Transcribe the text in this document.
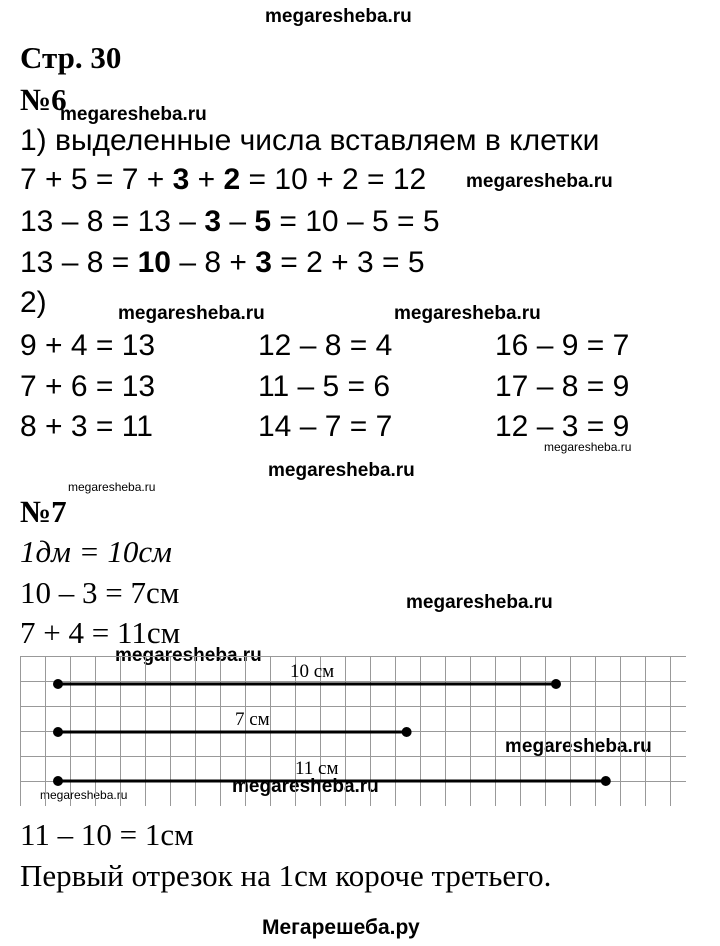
megaresheba.ru
megaresheba.ru
megaresheba.ru
megaresheba.ru	megaresheba.ru
megaresheba.ru
megaresheba.ru
megaresheba.ru
megaresheba.ru
megaresheba.ru
megaresheba.ru
megaresheba.ru	megaresheba.ru
Стр. 30
№6
1) выделенные числа вставляем в клетки
7 + 5 = 7 + 3 + 2 = 10 + 2 = 12
13 – 8 = 13 – 3 – 5 = 10 – 5 = 5
13 – 8 = 10 – 8 + 3 = 2 + 3 = 5
2)
9 + 4 = 13
7 + 6 = 13
8 + 3 = 11
12 – 8 = 4
11 – 5 = 6
14 – 7 = 7
16 – 9 = 7
17 – 8 = 9
12 – 3 = 9
№7
1дм = 10см
10 – 3 = 7см
7 + 4 = 11см
10 см
7 см
11 см
11 – 10 = 1см
Первый отрезок на 1см короче третьего.
Мегарешеба.ру
